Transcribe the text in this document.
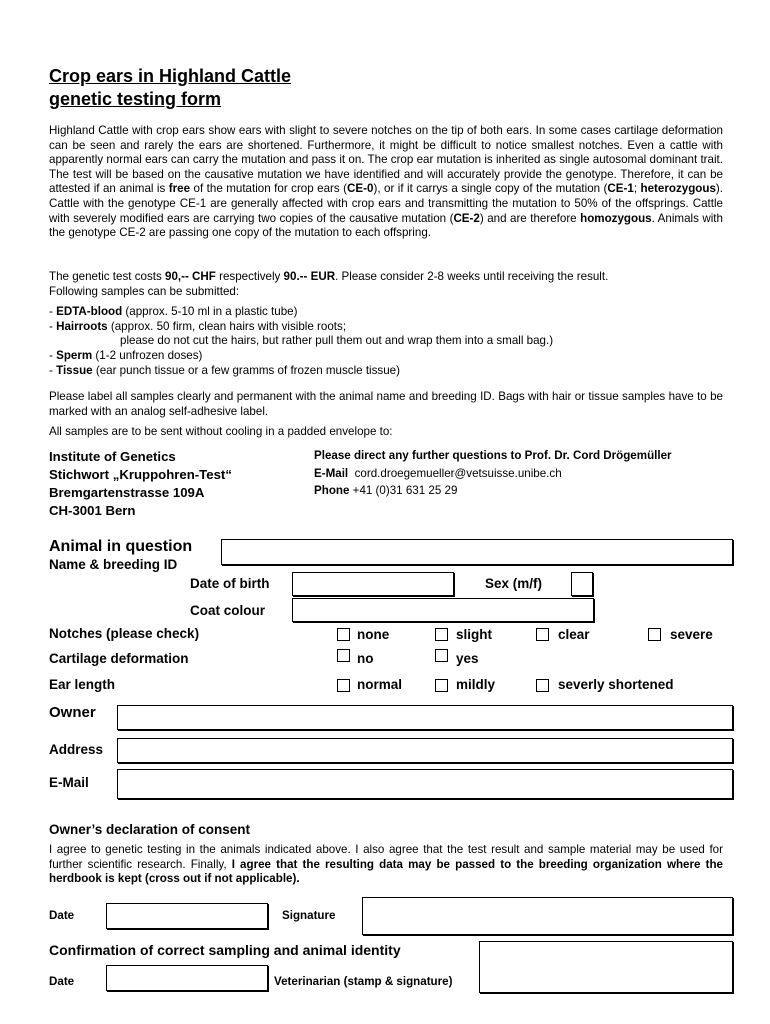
Crop ears in Highland Cattle
genetic testing form
Highland Cattle with crop ears show ears with slight to severe notches on the tip of both ears. In some cases cartilage deformation can be seen and rarely the ears are shortened. Furthermore, it might be difficult to notice smallest notches. Even a cattle with apparently normal ears can carry the mutation and pass it on. The crop ear mutation is inherited as single autosomal dominant trait. The test will be based on the causative mutation we have identified and will accurately provide the genotype. Therefore, it can be attested if an animal is free of the mutation for crop ears (CE-0), or if it carrys a single copy of the mutation (CE-1; heterozygous). Cattle with the genotype CE-1 are generally affected with crop ears and transmitting the mutation to 50% of the offsprings. Cattle with severely modified ears are carrying two copies of the causative mutation (CE-2) and are therefore homozygous. Animals with the genotype CE-2 are passing one copy of the mutation to each offspring.
The genetic test costs 90,-- CHF respectively 90.-- EUR. Please consider 2-8 weeks until receiving the result.
Following samples can be submitted:
- EDTA-blood (approx. 5-10 ml in a plastic tube)
- Hairroots (approx. 50 firm, clean hairs with visible roots;
please do not cut the hairs, but rather pull them out and wrap them into a small bag.)
- Sperm (1-2 unfrozen doses)
- Tissue (ear punch tissue or a few gramms of frozen muscle tissue)
Please label all samples clearly and permanent with the animal name and breeding ID. Bags with hair or tissue samples have to be marked with an analog self-adhesive label.
All samples are to be sent without cooling in a padded envelope to:
Institute of Genetics
Stichwort „Kruppohren-Test“
Bremgartenstrasse 109A
CH-3001 Bern
Please direct any further questions to Prof. Dr. Cord Drögemüller
E-Mail cord.droegemueller@vetsuisse.unibe.ch
Phone +41 (0)31 631 25 29
Animal in question
Name & breeding ID
Date of birth	Sex (m/f)
Coat colour
Notches (please check)	none	slight	clear	severe
Cartilage deformation	no	yes
Ear length	normal	mildly	severly shortened
Owner
Address
E-Mail
Owner’s declaration of consent
I agree to genetic testing in the animals indicated above. I also agree that the test result and sample material may be used for further scientific research. Finally, I agree that the resulting data may be passed to the breeding organization where the herdbook is kept (cross out if not applicable).
Date	Signature
Confirmation of correct sampling and animal identity
Date	Veterinarian (stamp & signature)
